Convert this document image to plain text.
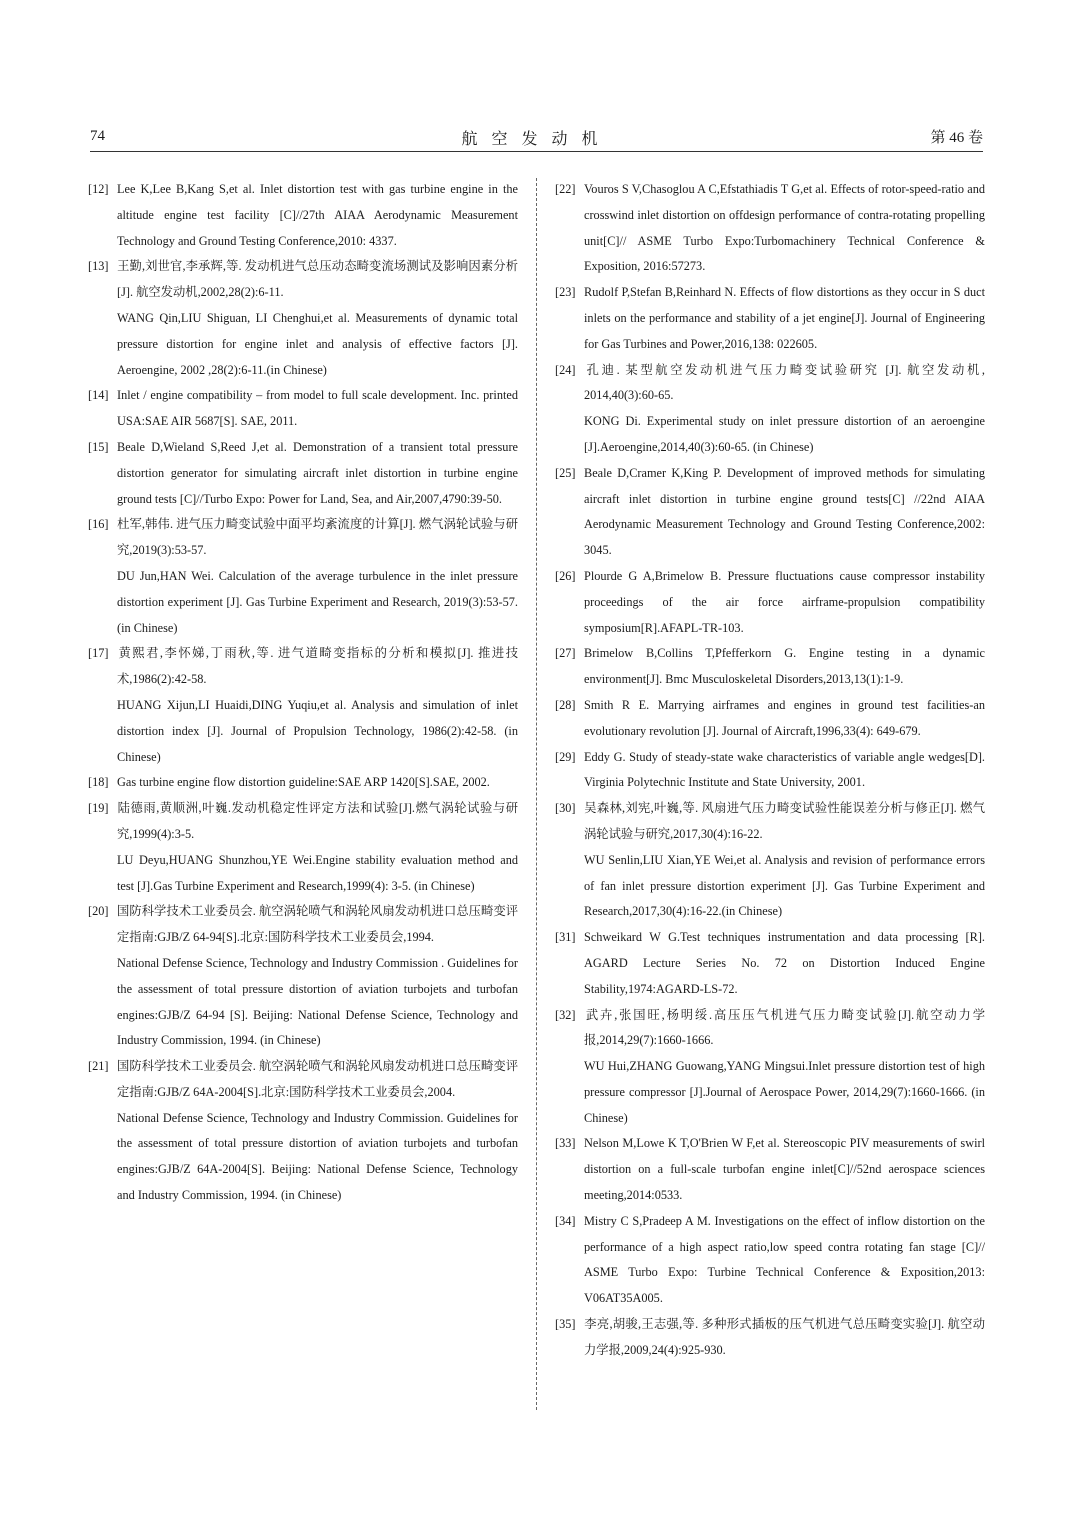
74	航空发动机	第 46 卷
[12] Lee K,Lee B,Kang S,et al. Inlet distortion test with gas turbine engine in the altitude engine test facility [C]//27th AIAA Aerodynamic Measurement Technology and Ground Testing Conference,2010: 4337.
[13] 王勤,刘世官,李承辉,等. 发动机进气总压动态畸变流场测试及影响因素分析[J]. 航空发动机,2002,28(2):6-11.
WANG Qin,LIU Shiguan, LI Chenghui,et al. Measurements of dynamic total pressure distortion for engine inlet and analysis of effective factors [J]. Aeroengine, 2002 ,28(2):6-11.(in Chinese)
[14] Inlet / engine compatibility – from model to full scale development. Inc. printed USA:SAE AIR 5687[S]. SAE, 2011.
[15] Beale D,Wieland S,Reed J,et al. Demonstration of a transient total pressure distortion generator for simulating aircraft inlet distortion in turbine engine ground tests [C]//Turbo Expo: Power for Land, Sea, and Air,2007,4790:39-50.
[16] 杜军,韩伟. 进气压力畸变试验中面平均紊流度的计算[J]. 燃气涡轮试验与研究,2019(3):53-57.
DU Jun,HAN Wei. Calculation of the average turbulence in the inlet pressure distortion experiment [J]. Gas Turbine Experiment and Research, 2019(3):53-57.(in Chinese)
[17] 黄熙君,李怀娣,丁雨秋,等. 进气道畸变指标的分析和模拟[J]. 推进技术,1986(2):42-58.
HUANG Xijun,LI Huaidi,DING Yuqiu,et al. Analysis and simulation of inlet distortion index [J]. Journal of Propulsion Technology, 1986(2):42-58. (in Chinese)
[18] Gas turbine engine flow distortion guideline:SAE ARP 1420[S].SAE, 2002.
[19] 陆德雨,黄顺洲,叶巍.发动机稳定性评定方法和试验[J].燃气涡轮试验与研究,1999(4):3-5.
LU Deyu,HUANG Shunzhou,YE Wei.Engine stability evaluation method and test [J].Gas Turbine Experiment and Research,1999(4): 3-5. (in Chinese)
[20] 国防科学技术工业委员会. 航空涡轮喷气和涡轮风扇发动机进口总压畸变评定指南:GJB/Z 64-94[S].北京:国防科学技术工业委员会,1994.
National Defense Science, Technology and Industry Commission . Guidelines for the assessment of total pressure distortion of aviation turbojets and turbofan engines:GJB/Z 64-94 [S]. Beijing: National Defense Science, Technology and Industry Commission, 1994. (in Chinese)
[21] 国防科学技术工业委员会. 航空涡轮喷气和涡轮风扇发动机进口总压畸变评定指南:GJB/Z 64A-2004[S].北京:国防科学技术工业委员会,2004.
National Defense Science, Technology and Industry Commission. Guidelines for the assessment of total pressure distortion of aviation turbojets and turbofan engines:GJB/Z 64A-2004[S]. Beijing: National Defense Science, Technology and Industry Commission, 1994. (in Chinese)
[22] Vouros S V,Chasoglou A C,Efstathiadis T G,et al. Effects of rotor-speed-ratio and crosswind inlet distortion on offdesign performance of contra-rotating propelling unit[C]// ASME Turbo Expo:Turbomachinery Technical Conference & Exposition, 2016:57273.
[23] Rudolf P,Stefan B,Reinhard N. Effects of flow distortions as they occur in S duct inlets on the performance and stability of a jet engine[J]. Journal of Engineering for Gas Turbines and Power,2016,138: 022605.
[24] 孔迪. 某型航空发动机进气压力畸变试验研究 [J]. 航空发动机, 2014,40(3):60-65.
KONG Di. Experimental study on inlet pressure distortion of an aeroengine [J].Aeroengine,2014,40(3):60-65. (in Chinese)
[25] Beale D,Cramer K,King P. Development of improved methods for simulating aircraft inlet distortion in turbine engine ground tests[C] //22nd AIAA Aerodynamic Measurement Technology and Ground Testing Conference,2002: 3045.
[26] Plourde G A,Brimelow B. Pressure fluctuations cause compressor instability proceedings of the air force airframe-propulsion compatibility symposium[R].AFAPL-TR-103.
[27] Brimelow B,Collins T,Pfefferkorn G. Engine testing in a dynamic environment[J]. Bmc Musculoskeletal Disorders,2013,13(1):1-9.
[28] Smith R E. Marrying airframes and engines in ground test facilities-an evolutionary revolution [J]. Journal of Aircraft,1996,33(4): 649-679.
[29] Eddy G. Study of steady-state wake characteristics of variable angle wedges[D]. Virginia Polytechnic Institute and State University, 2001.
[30] 吴森林,刘宪,叶巍,等. 风扇进气压力畸变试验性能误差分析与修正[J]. 燃气涡轮试验与研究,2017,30(4):16-22.
WU Senlin,LIU Xian,YE Wei,et al. Analysis and revision of performance errors of fan inlet pressure distortion experiment [J]. Gas Turbine Experiment and Research,2017,30(4):16-22.(in Chinese)
[31] Schweikard W G.Test techniques instrumentation and data processing [R]. AGARD Lecture Series No. 72 on Distortion Induced Engine Stability,1974:AGARD-LS-72.
[32] 武卉,张国旺,杨明绥.高压压气机进气压力畸变试验[J].航空动力学报,2014,29(7):1660-1666.
WU Hui,ZHANG Guowang,YANG Mingsui.Inlet pressure distortion test of high pressure compressor [J].Journal of Aerospace Power, 2014,29(7):1660-1666. (in Chinese)
[33] Nelson M,Lowe K T,O'Brien W F,et al. Stereoscopic PIV measurements of swirl distortion on a full-scale turbofan engine inlet[C]//52nd aerospace sciences meeting,2014:0533.
[34] Mistry C S,Pradeep A M. Investigations on the effect of inflow distortion on the performance of a high aspect ratio,low speed contra rotating fan stage [C]// ASME Turbo Expo: Turbine Technical Conference & Exposition,2013: V06AT35A005.
[35] 李亮,胡骏,王志强,等. 多种形式插板的压气机进气总压畸变实验[J]. 航空动力学报,2009,24(4):925-930.
